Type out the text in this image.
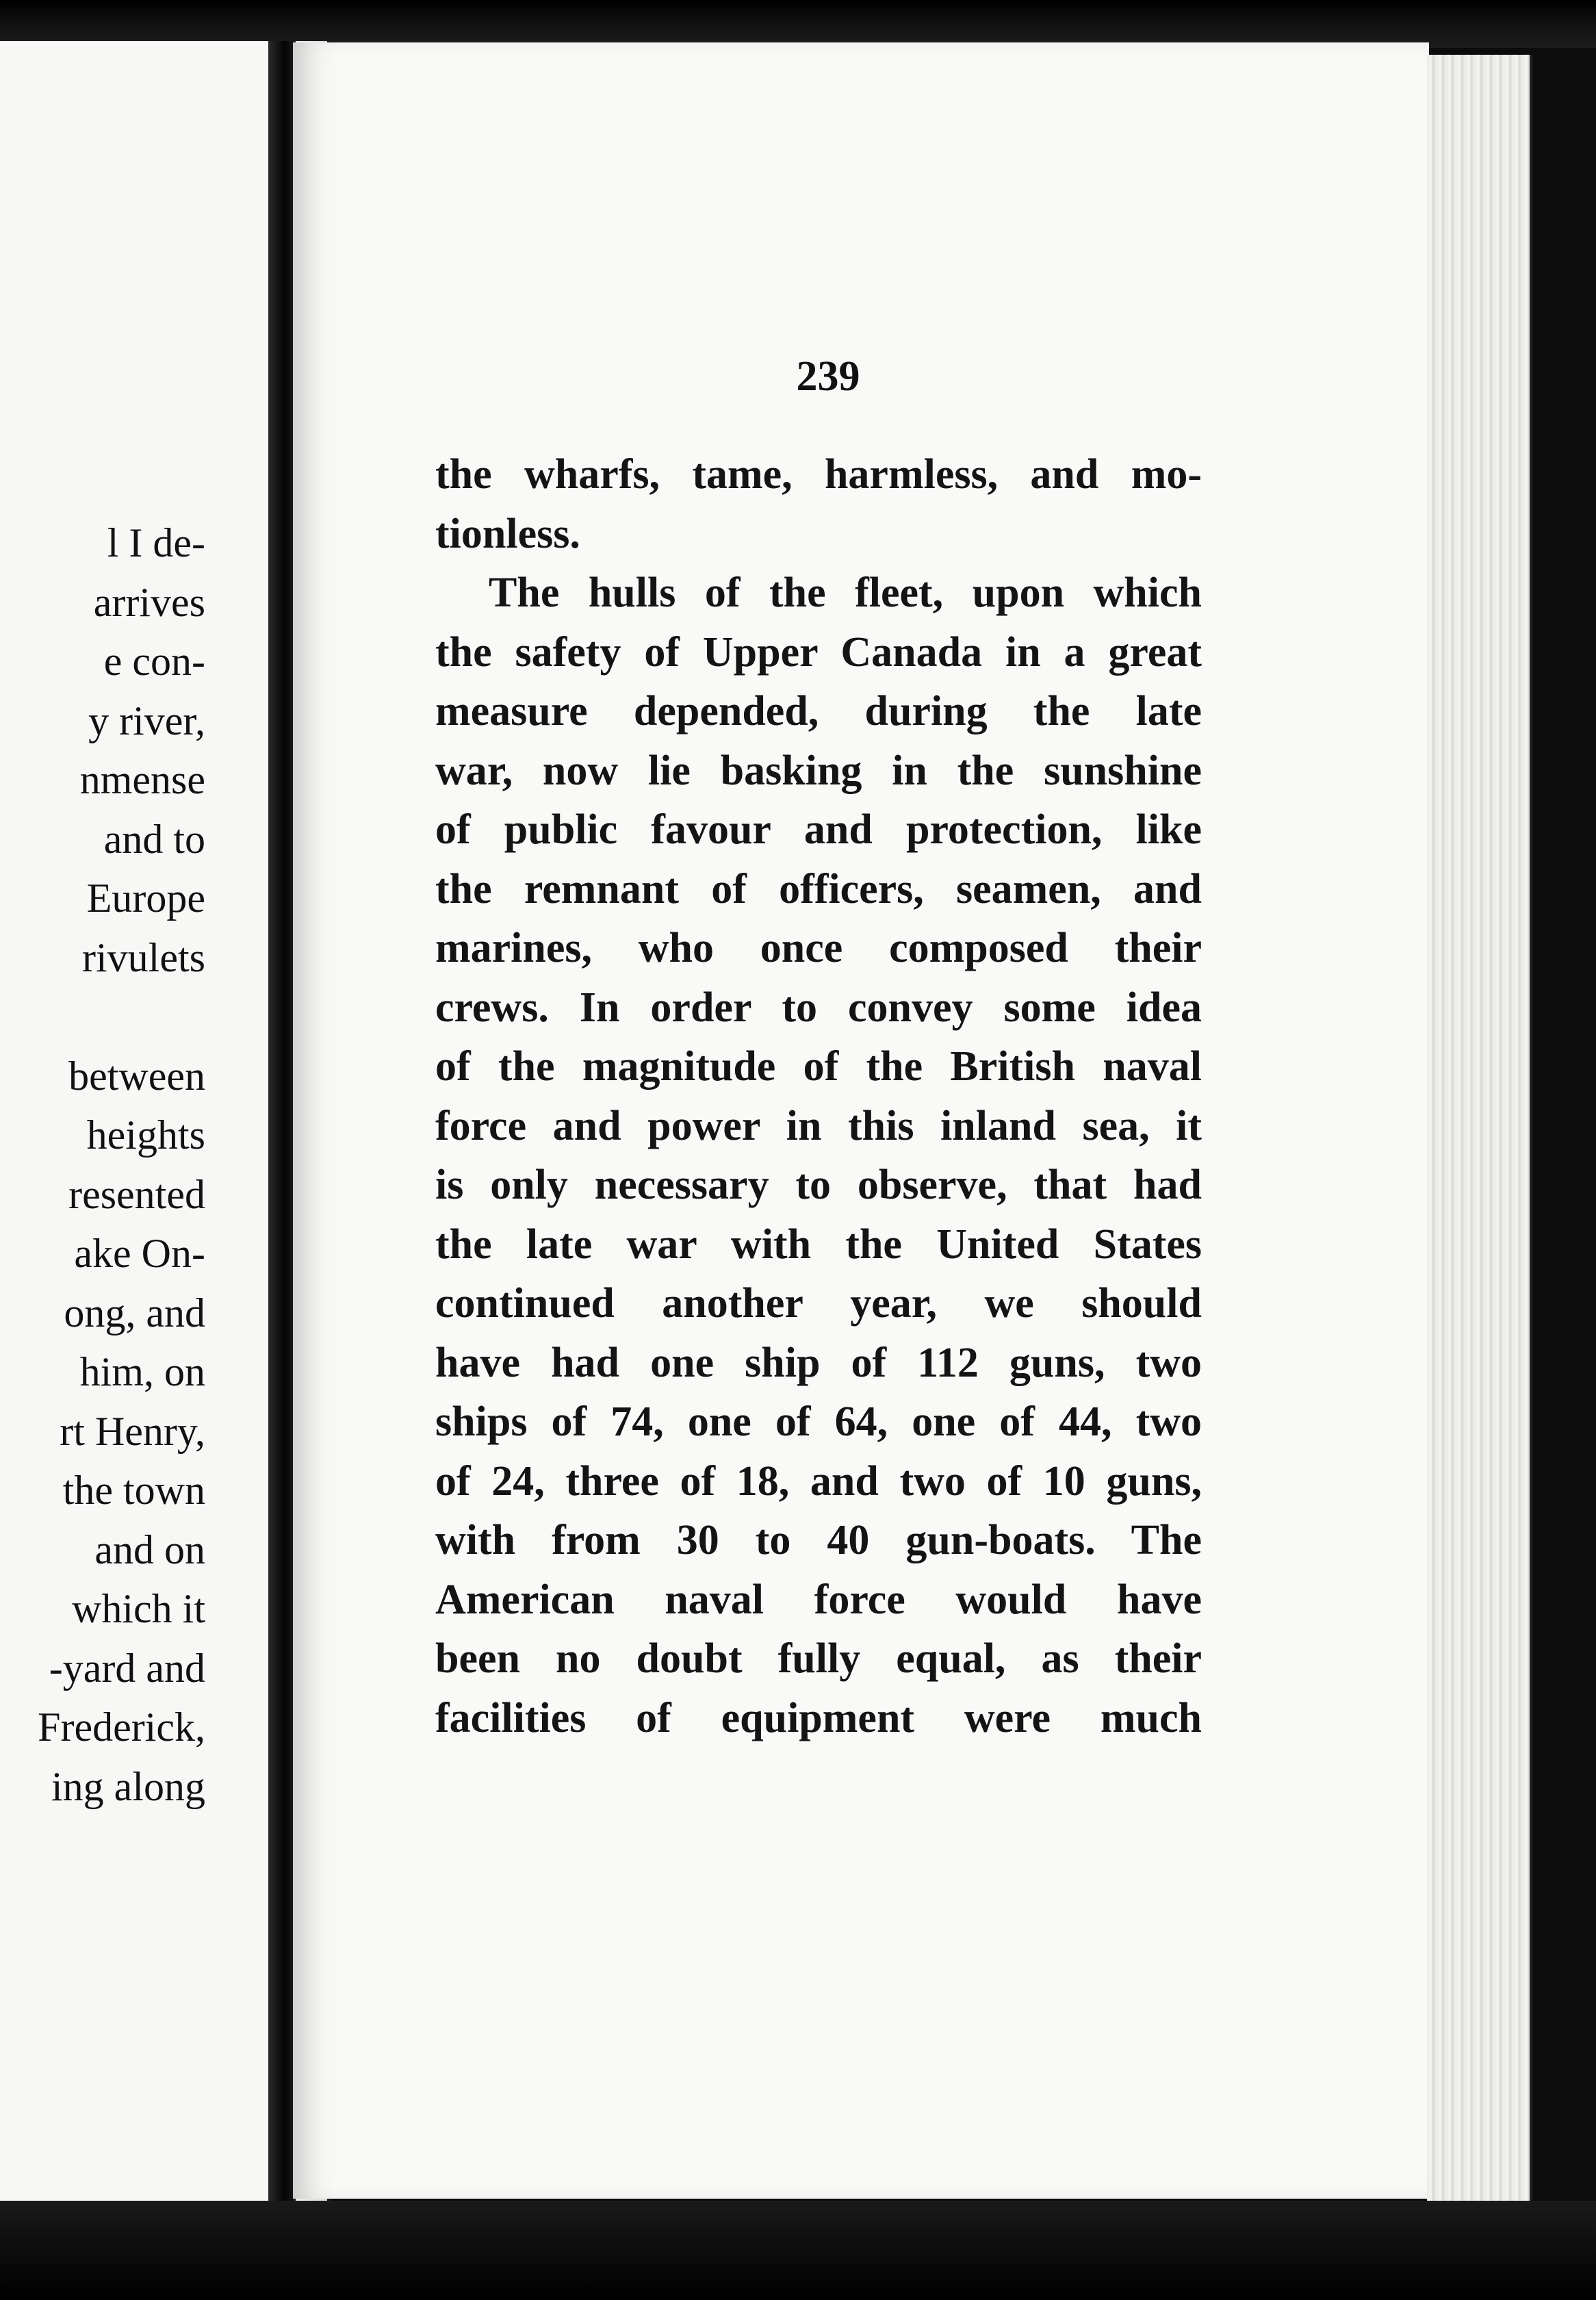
l I de-
arrives
e con-
y river,
nmense
and to
Europe
rivulets
between
heights
resented
ake On-
ong, and
him, on
rt Henry,
the town
and on
which it
-yard and
Frederick,
ing along
239
the wharfs, tame, harmless, and mo-
tionless.
The hulls of the fleet, upon which
the safety of Upper Canada in a great
measure depended, during the late
war, now lie basking in the sunshine
of public favour and protection, like
the remnant of officers, seamen, and
marines, who once composed their
crews. In order to convey some idea
of the magnitude of the British naval
force and power in this inland sea, it
is only necessary to observe, that had
the late war with the United States
continued another year, we should
have had one ship of 112 guns, two
ships of 74, one of 64, one of 44, two
of 24, three of 18, and two of 10 guns,
with from 30 to 40 gun-boats. The
American naval force would have
been no doubt fully equal, as their
facilities of equipment were much
